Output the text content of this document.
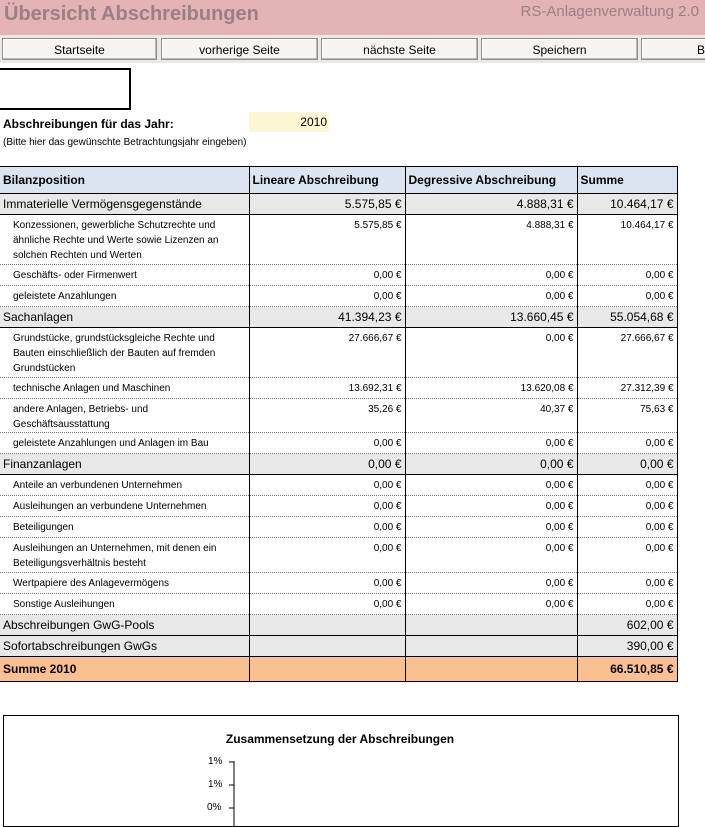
Übersicht Abschreibungen	RS-Anlagenverwaltung 2.0
Startseite	vorherige Seite	nächste Seite	Speichern	B
Abschreibungen für das Jahr:	2010
(Bitte hier das gewünschte Betrachtungsjahr eingeben)
Bilanzposition	Lineare Abschreibung	Degressive Abschreibung	Summe
Immaterielle Vermögensgegenstände	5.575,85 €	4.888,31 €	10.464,17 €
Konzessionen, gewerbliche Schutzrechte und ähnliche Rechte und Werte sowie Lizenzen an solchen Rechten und Werten	5.575,85 €	4.888,31 €	10.464,17 €
Geschäfts- oder Firmenwert	0,00 €	0,00 €	0,00 €
geleistete Anzahlungen	0,00 €	0,00 €	0,00 €
Sachanlagen	41.394,23 €	13.660,45 €	55.054,68 €
Grundstücke, grundstücksgleiche Rechte und Bauten einschließlich der Bauten auf fremden Grundstücken	27.666,67 €	0,00 €	27.666,67 €
technische Anlagen und Maschinen	13.692,31 €	13.620,08 €	27.312,39 €
andere Anlagen, Betriebs- und Geschäftsausstattung	35,26 €	40,37 €	75,63 €
geleistete Anzahlungen und Anlagen im Bau	0,00 €	0,00 €	0,00 €
Finanzanlagen	0,00 €	0,00 €	0,00 €
Anteile an verbundenen Unternehmen	0,00 €	0,00 €	0,00 €
Ausleihungen an verbundene Unternehmen	0,00 €	0,00 €	0,00 €
Beteiligungen	0,00 €	0,00 €	0,00 €
Ausleihungen an Unternehmen, mit denen ein Beteiligungsverhältnis besteht	0,00 €	0,00 €	0,00 €
Wertpapiere des Anlagevermögens	0,00 €	0,00 €	0,00 €
Sonstige Ausleihungen	0,00 €	0,00 €	0,00 €
Abschreibungen GwG-Pools			602,00 €
Sofortabschreibungen GwGs			390,00 €
Summe 2010			66.510,85 €
Zusammensetzung der Abschreibungen
1%
1%
0%
